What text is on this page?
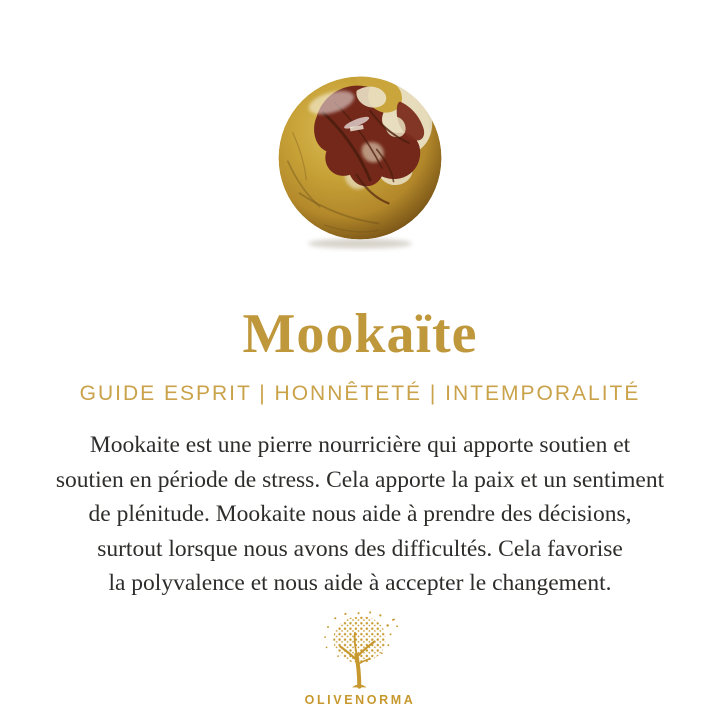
Mookaïte
GUIDE ESPRIT | HONNÊTETÉ | INTEMPORALITÉ
Mookaite est une pierre nourricière qui apporte soutien et
soutien en période de stress. Cela apporte la paix et un sentiment
de plénitude. Mookaite nous aide à prendre des décisions,
surtout lorsque nous avons des difficultés. Cela favorise
la polyvalence et nous aide à accepter le changement.
OLIVENORMA
